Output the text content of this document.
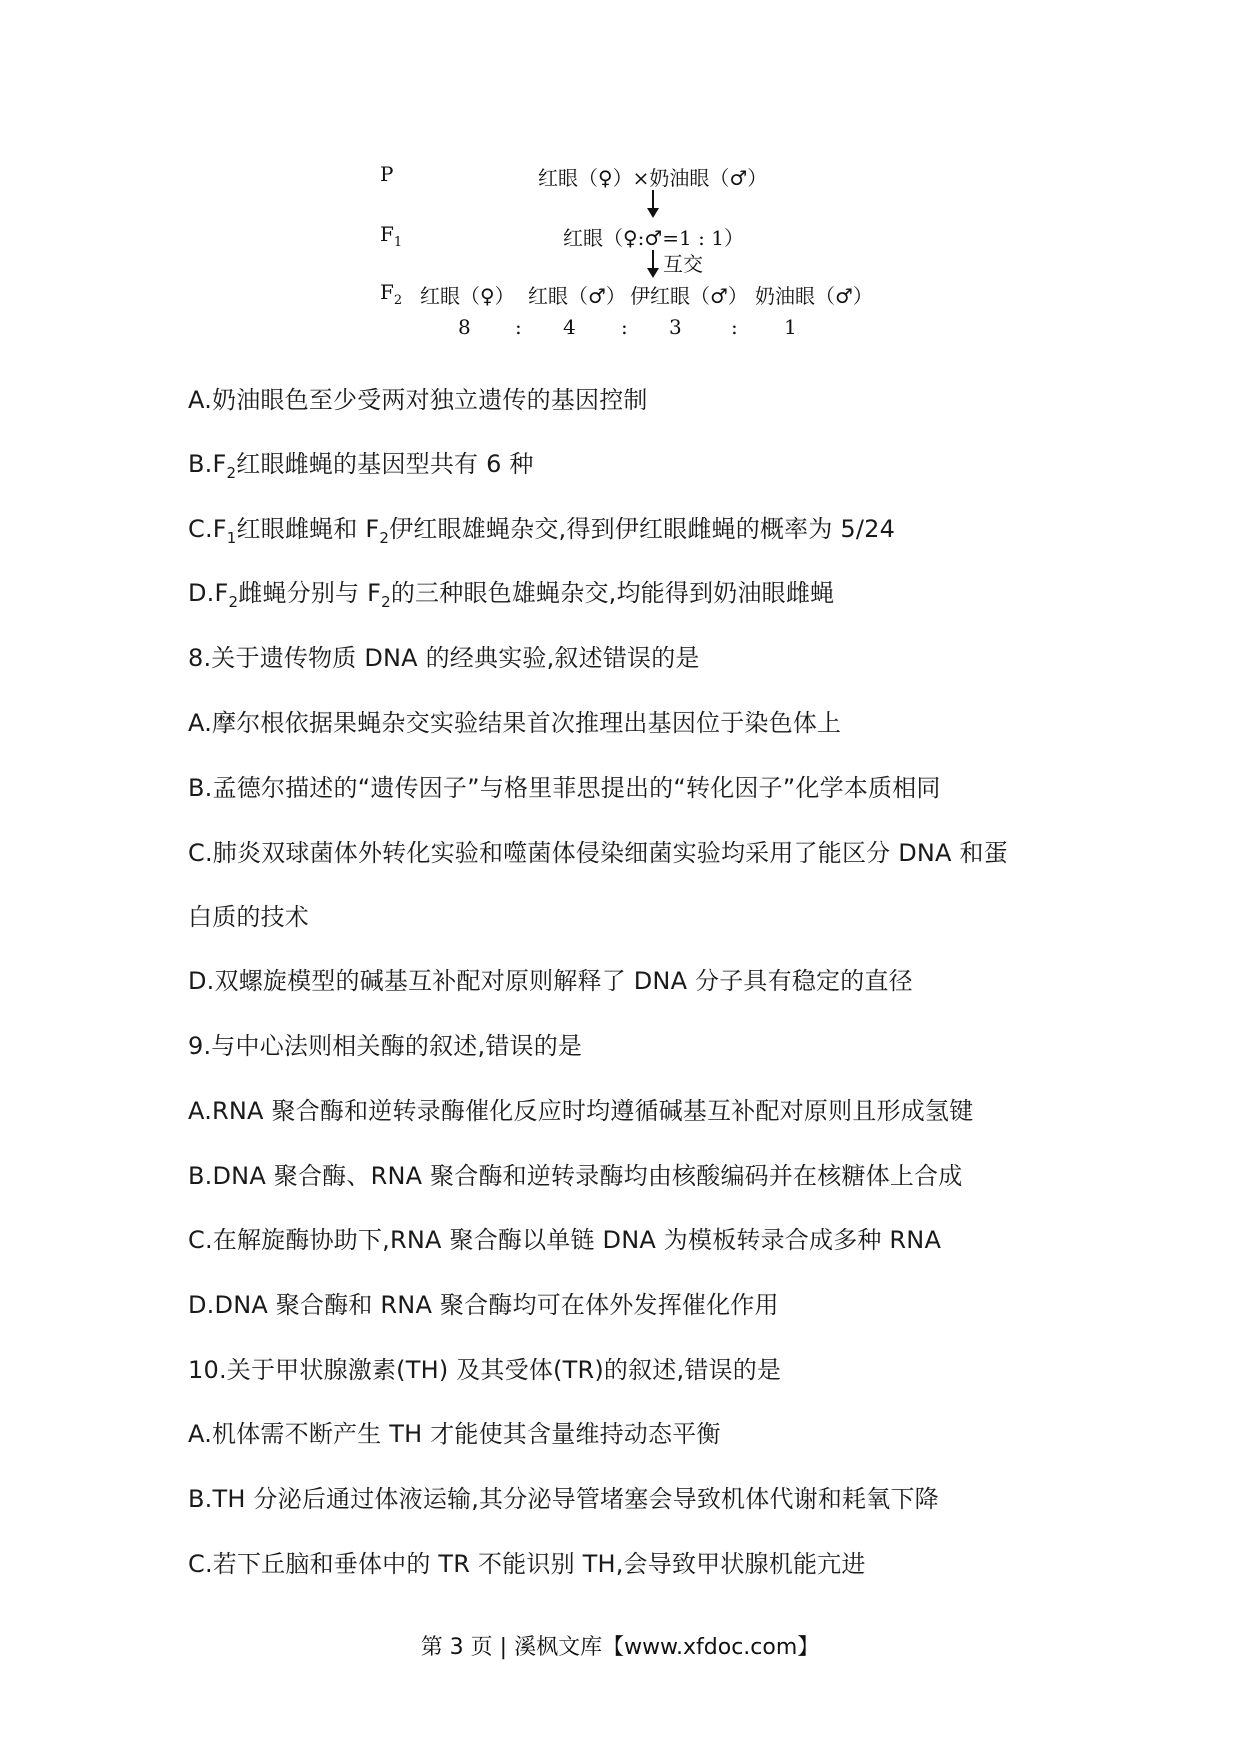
P	红眼（♀）×奶油眼（♂）
$F_1$	红眼（♀:♂=1 : 1）
互交
$F_2$ 红眼（♀） 红眼（♂） 伊红眼（♂） 奶油眼（♂）
8 : 4 : 3 : 1
A.奶油眼色至少受两对独立遗传的基因控制
$B.F_2$红眼雌蝇的基因型共有 6 种
$C.F_1$红眼雌蝇和 $F_2$伊红眼雄蝇杂交,得到伊红眼雌蝇的概率为 5/24
$D.F_2$雌蝇分别与 $F_2$的三种眼色雄蝇杂交,均能得到奶油眼雌蝇
8.关于遗传物质 DNA 的经典实验,叙述错误的是
A.摩尔根依据果蝇杂交实验结果首次推理出基因位于染色体上
B.孟德尔描述的“遗传因子”与格里菲思提出的“转化因子”化学本质相同
C.肺炎双球菌体外转化实验和噬菌体侵染细菌实验均采用了能区分 DNA 和蛋
白质的技术
D.双螺旋模型的碱基互补配对原则解释了 DNA 分子具有稳定的直径
9.与中心法则相关酶的叙述,错误的是
A.RNA 聚合酶和逆转录酶催化反应时均遵循碱基互补配对原则且形成氢键
B.DNA 聚合酶、RNA 聚合酶和逆转录酶均由核酸编码并在核糖体上合成
C.在解旋酶协助下,RNA 聚合酶以单链 DNA 为模板转录合成多种 RNA
D.DNA 聚合酶和 RNA 聚合酶均可在体外发挥催化作用
10.关于甲状腺激素(TH) 及其受体(TR)的叙述,错误的是
A.机体需不断产生 TH 才能使其含量维持动态平衡
B.TH 分泌后通过体液运输,其分泌导管堵塞会导致机体代谢和耗氧下降
C.若下丘脑和垂体中的 TR 不能识别 TH,会导致甲状腺机能亢进
第 3 页 | 溪枫文库【www.xfdoc.com】
